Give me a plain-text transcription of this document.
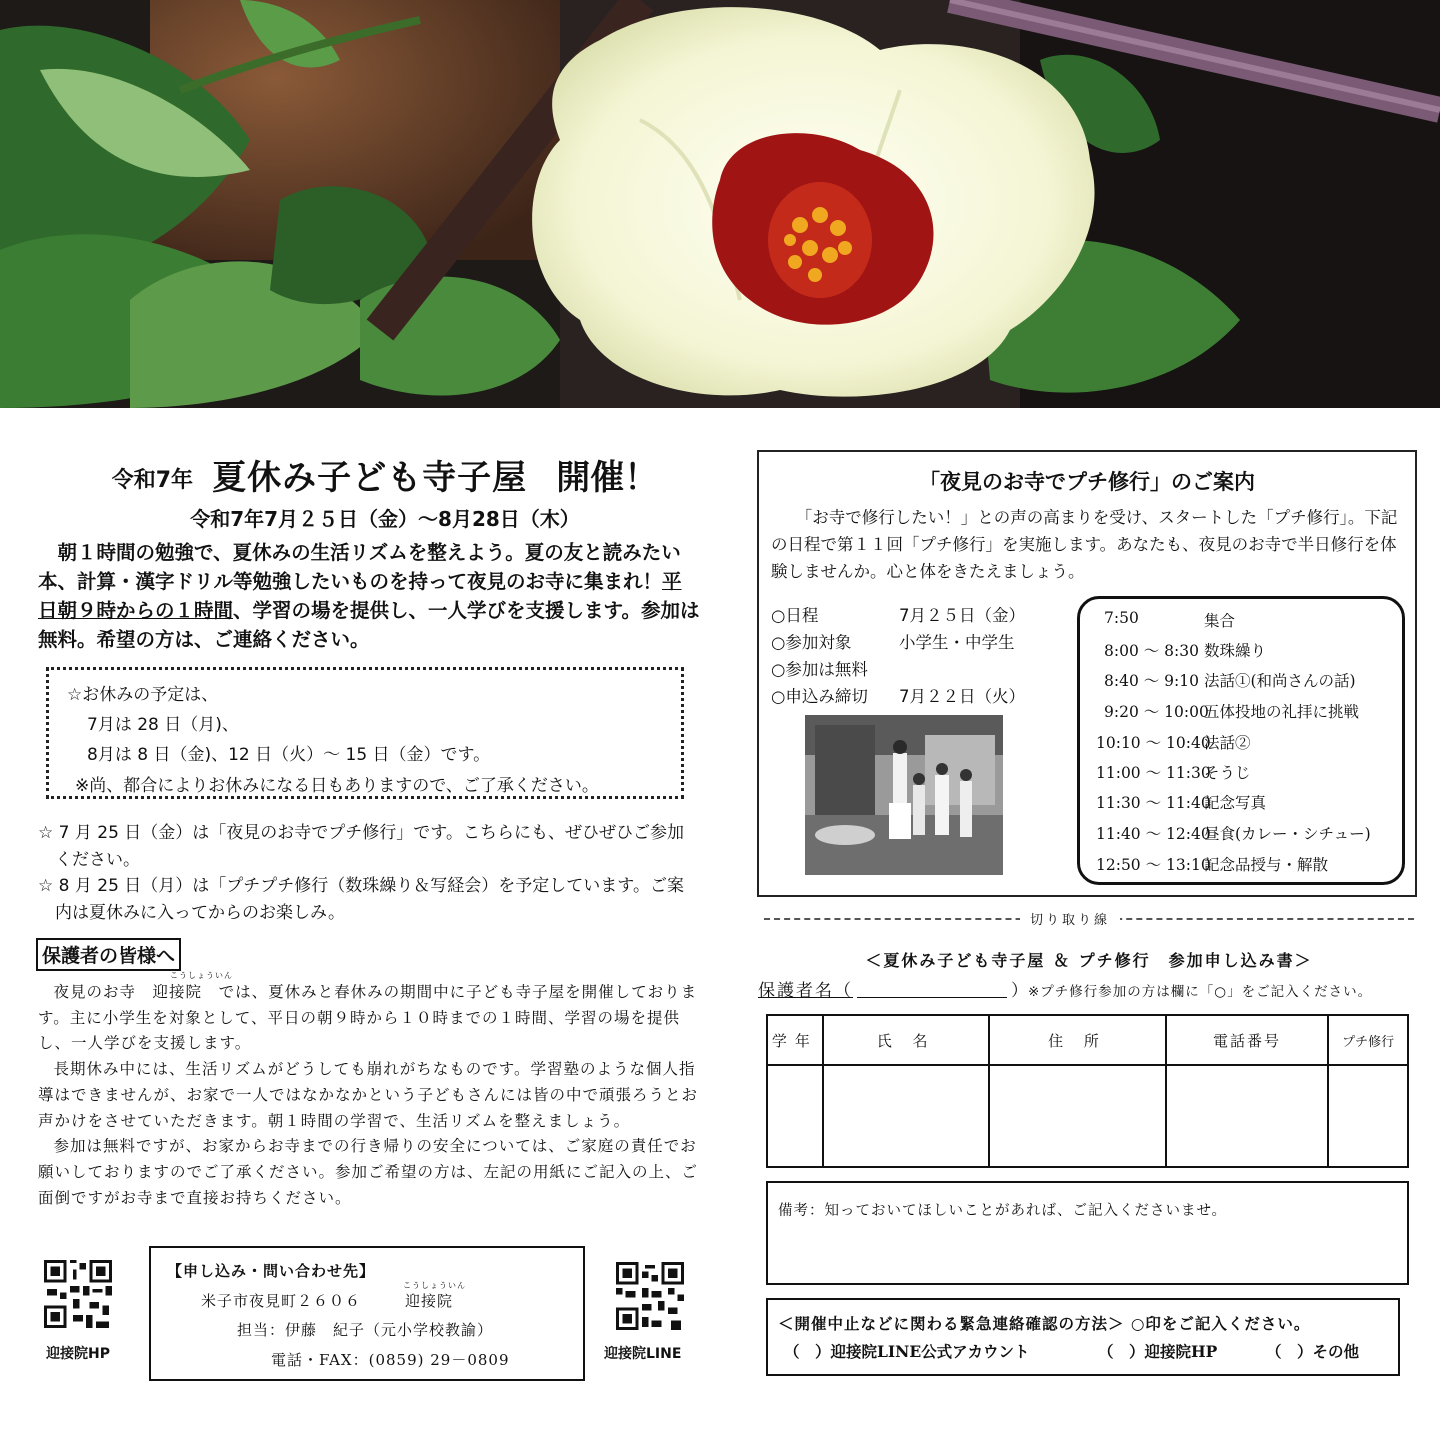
令和7年 夏休み子ども寺子屋 開催！
令和7年7月２５日（金）～8月28日（木）

朝１時間の勉強で、夏休みの生活リズムを整えよう。夏の友と読みたい本、計算・漢字ドリル等勉強したいものを持って夜見のお寺に集まれ！平日朝９時からの１時間、学習の場を提供し、一人学びを支援します。参加は無料。希望の方は、ご連絡ください。

☆お休みの予定は、
7月は 28 日（月)、
8月は 8 日（金)、12 日（火）～ 15 日（金）です。
※尚、都合によりお休みになる日もありますので、ご了承ください。

☆ 7 月 25 日（金）は「夜見のお寺でプチ修行」です。こちらにも、ぜひぜひご参加ください。

☆ 8 月 25 日（月）は「プチプチ修行（数珠繰り＆写経会）を予定しています。ご案内は夏休みに入ってからのお楽しみ。

保護者の皆様へ
こうしょういん
夜見のお寺　 迎接院　 では、夏休みと春休みの期間中に子ども寺子屋を開催しております。主に小学生を対象として、平日の朝９時から１０時までの１時間、学習の場を提供し、一人学びを支援します。
長期休み中には、生活リズムがどうしても崩れがちなものです。学習塾のような個人指導はできませんが、お家で一人ではなかなかという子どもさんには皆の中で頑張ろうとお声かけをさせていただきます。朝１時間の学習で、生活リズムを整えましょう。
参加は無料ですが、お家からお寺までの行き帰りの安全については、ご家庭の責任でお願いしておりますのでご了承ください。参加ご希望の方は、左記の用紙にご記入の上、ご面倒ですがお寺まで直接お持ちください。
迎接院HP
【申し込み・問い合わせ先】
こうしょういん
米子市夜見町２６０６	迎接院
担当：伊藤　紀子（元小学校教諭）
電話・FAX：(0859) 29－0809	迎接院LINE
「夜見のお寺でプチ修行」のご案内

「お寺で修行したい！」との声の高まりを受け、スタートした「プチ修行」。下記の日程で第１１回「プチ修行」を実施します。あなたも、夜見のお寺で半日修行を体験しませんか。心と体をきたえましょう。

○日程	7月２５日（金）
○参加対象	小学生・中学生
○参加は無料
○申込み締切 7月２２日（火）
7:50	集合
8:00 ～ 8:30 数珠繰り
8:40 ～ 9:10 法話①(和尚さんの話)
9:20 ～ 10:00
五体投地の礼拝に挑戦
10:10 ～ 10:40
法話②
11:00 ～ 11:30
そうじ
11:30 ～ 11:40
記念写真
11:40 ～ 12:40
昼食(カレー・シチュー)
12:50 ～ 13:10
記念品授与・解散
切り取り線
＜夏休み子ども寺子屋 ＆ プチ修行　参加申し込み書＞
保護者名（	）※プチ修行参加の方は欄に「○」をご記入ください。
学年	氏 名	住 所	電話番号	プチ修行

備考：知っておいてほしいことがあれば、ご記入くださいませ。
＜開催中止などに関わる緊急連絡確認の方法＞ ○印をご記入ください。
（　）迎接院LINE公式アカウント	（　）迎接院HP	（　）その他
